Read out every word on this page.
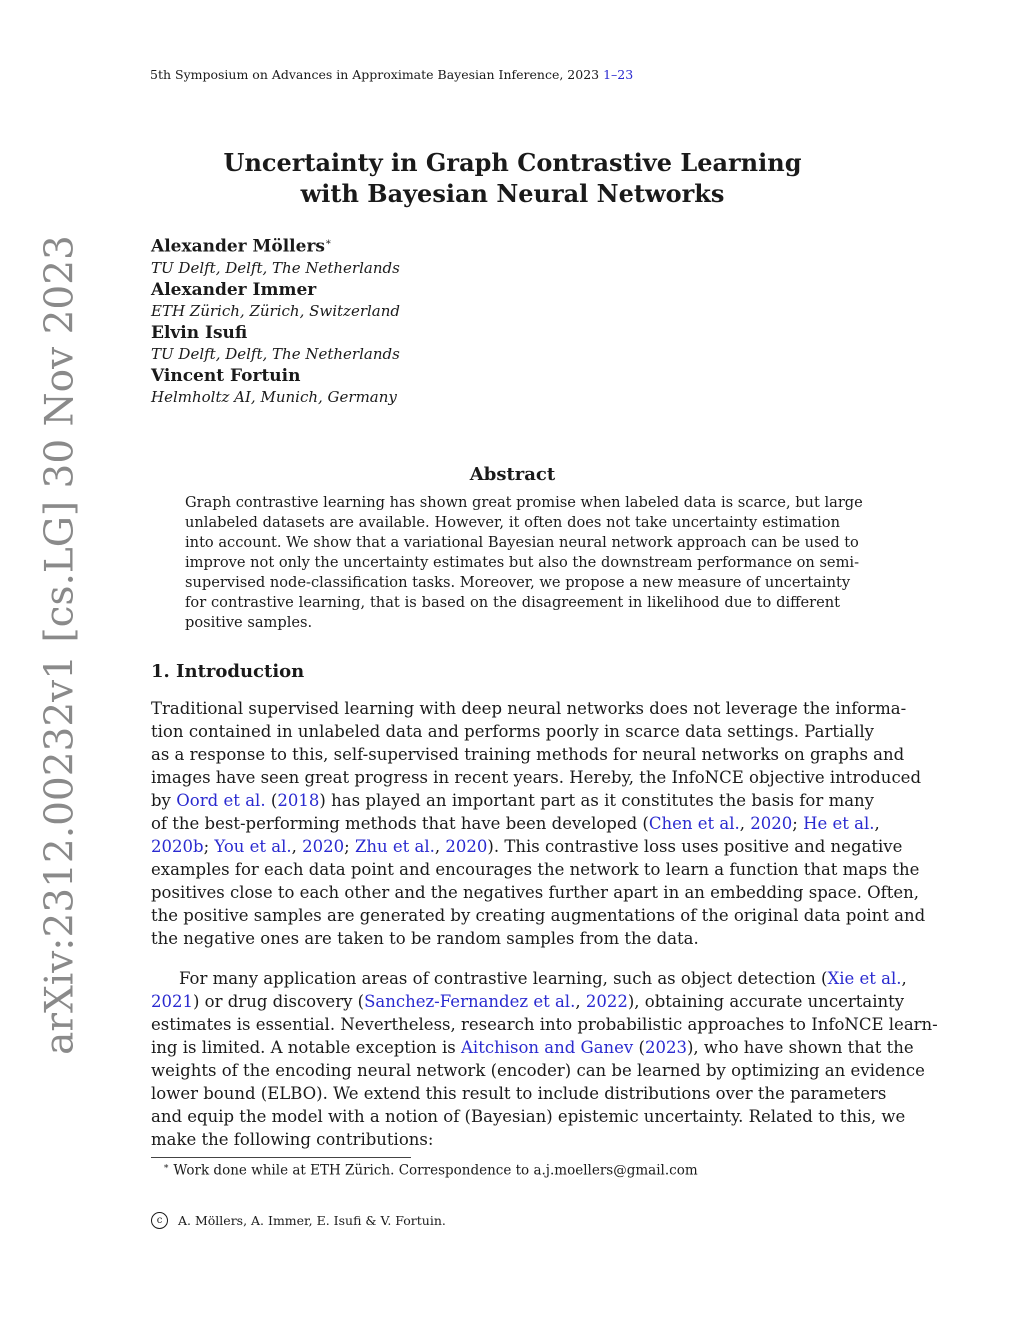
5th Symposium on Advances in Approximate Bayesian Inference, 2023 1–23
arXiv:2312.00232v1 [cs.LG] 30 Nov 2023
Uncertainty in Graph Contrastive Learning
with Bayesian Neural Networks
Alexander Möllers∗
TU Delft, Delft, The Netherlands
Alexander Immer
ETH Zürich, Zürich, Switzerland
Elvin Isufi
TU Delft, Delft, The Netherlands
Vincent Fortuin
Helmholtz AI, Munich, Germany
Abstract
Graph contrastive learning has shown great promise when labeled data is scarce, but large
unlabeled datasets are available. However, it often does not take uncertainty estimation
into account. We show that a variational Bayesian neural network approach can be used to
improve not only the uncertainty estimates but also the downstream performance on semi-
supervised node-classification tasks. Moreover, we propose a new measure of uncertainty
for contrastive learning, that is based on the disagreement in likelihood due to different
positive samples.
1. Introduction
Traditional supervised learning with deep neural networks does not leverage the informa-
tion contained in unlabeled data and performs poorly in scarce data settings. Partially
as a response to this, self-supervised training methods for neural networks on graphs and
images have seen great progress in recent years. Hereby, the InfoNCE objective introduced
by Oord et al. (2018) has played an important part as it constitutes the basis for many
of the best-performing methods that have been developed (Chen et al., 2020; He et al.,
2020b; You et al., 2020; Zhu et al., 2020). This contrastive loss uses positive and negative
examples for each data point and encourages the network to learn a function that maps the
positives close to each other and the negatives further apart in an embedding space. Often,
the positive samples are generated by creating augmentations of the original data point and
the negative ones are taken to be random samples from the data.
For many application areas of contrastive learning, such as object detection (Xie et al.,
2021) or drug discovery (Sanchez-Fernandez et al., 2022), obtaining accurate uncertainty
estimates is essential. Nevertheless, research into probabilistic approaches to InfoNCE learn-
ing is limited. A notable exception is Aitchison and Ganev (2023), who have shown that the
weights of the encoding neural network (encoder) can be learned by optimizing an evidence
lower bound (ELBO). We extend this result to include distributions over the parameters
and equip the model with a notion of (Bayesian) epistemic uncertainty. Related to this, we
make the following contributions:
∗ Work done while at ETH Zürich. Correspondence to a.j.moellers@gmail.com
c	A. Möllers, A. Immer, E. Isufi & V. Fortuin.
